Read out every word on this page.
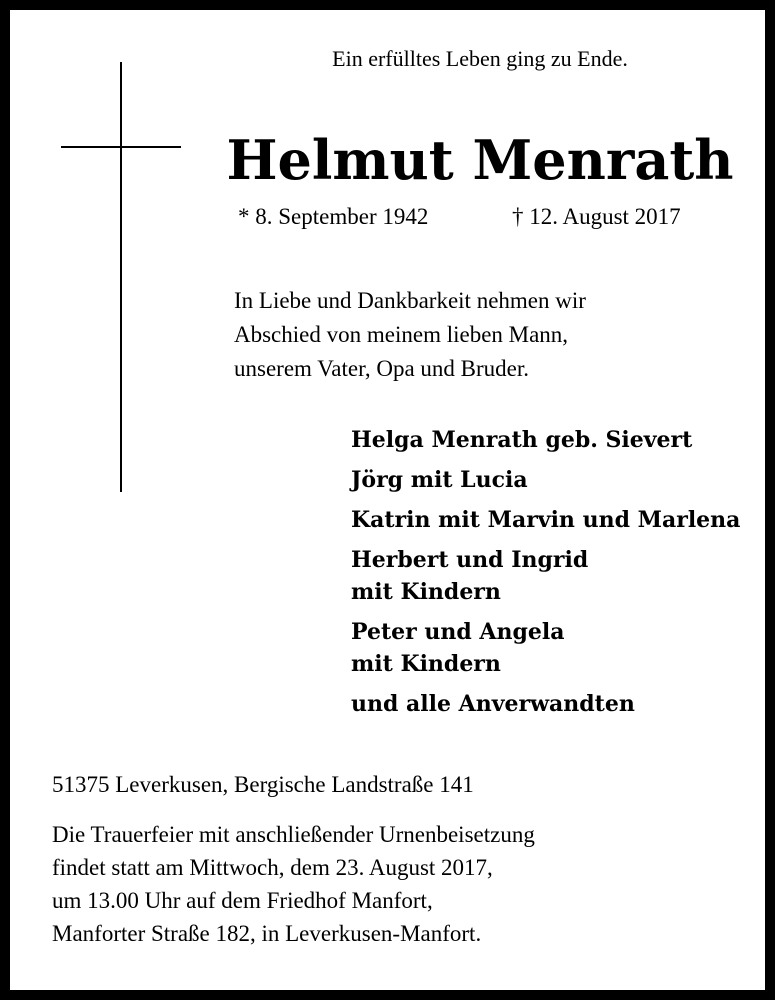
Ein erfülltes Leben ging zu Ende.
Helmut Menrath
* 8. September 1942	† 12. August 2017
In Liebe und Dankbarkeit nehmen wir
Abschied von meinem lieben Mann,
unserem Vater, Opa und Bruder.
Helga Menrath geb. Sievert
Jörg mit Lucia
Katrin mit Marvin und Marlena
Herbert und Ingrid
mit Kindern
Peter und Angela
mit Kindern
und alle Anverwandten
51375 Leverkusen, Bergische Landstraße 141
Die Trauerfeier mit anschließender Urnenbeisetzung
findet statt am Mittwoch, dem 23. August 2017,
um 13.00 Uhr auf dem Friedhof Manfort,
Manforter Straße 182, in Leverkusen-Manfort.
